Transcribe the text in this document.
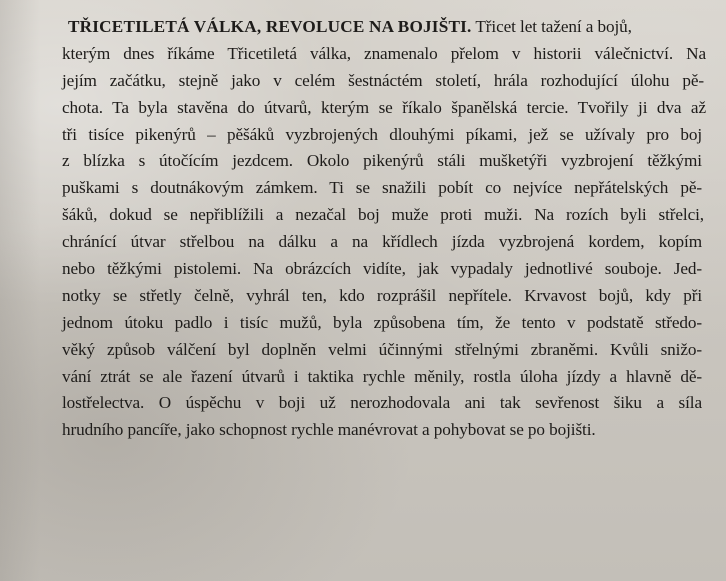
TŘICETILETÁ VÁLKA, REVOLUCE NA BOJIŠTI. Třicet let tažení a bojů,
kterým dnes říkáme Třicetiletá válka, znamenalo přelom v historii válečnictví. Na
jejím začátku, stejně jako v celém šestnáctém století, hrála rozhodující úlohu pě-
chota. Ta byla stavěna do útvarů, kterým se říkalo španělská tercie. Tvořily ji dva až
tři tisíce pikenýrů – pěšáků vyzbrojených dlouhými píkami, jež se užívaly pro boj
z blízka s útočícím jezdcem. Okolo pikenýrů stáli mušketýři vyzbrojení těžkými
puškami s doutnákovým zámkem. Ti se snažili pobít co nejvíce nepřátelských pě-
šáků, dokud se nepřiblížili a nezačal boj muže proti muži. Na rozích byli střelci,
chránící útvar střelbou na dálku a na křídlech jízda vyzbrojená kordem, kopím
nebo těžkými pistolemi. Na obrázcích vidíte, jak vypadaly jednotlivé souboje. Jed-
notky se střetly čelně, vyhrál ten, kdo rozprášil nepřítele. Krvavost bojů, kdy při
jednom útoku padlo i tisíc mužů, byla způsobena tím, že tento v podstatě středo-
věký způsob válčení byl doplněn velmi účinnými střelnými zbraněmi. Kvůli snižo-
vání ztrát se ale řazení útvarů i taktika rychle měnily, rostla úloha jízdy a hlavně dě-
lostřelectva. O úspěchu v boji už nerozhodovala ani tak sevřenost šiku a síla
hrudního pancíře, jako schopnost rychle manévrovat a pohybovat se po bojišti.
